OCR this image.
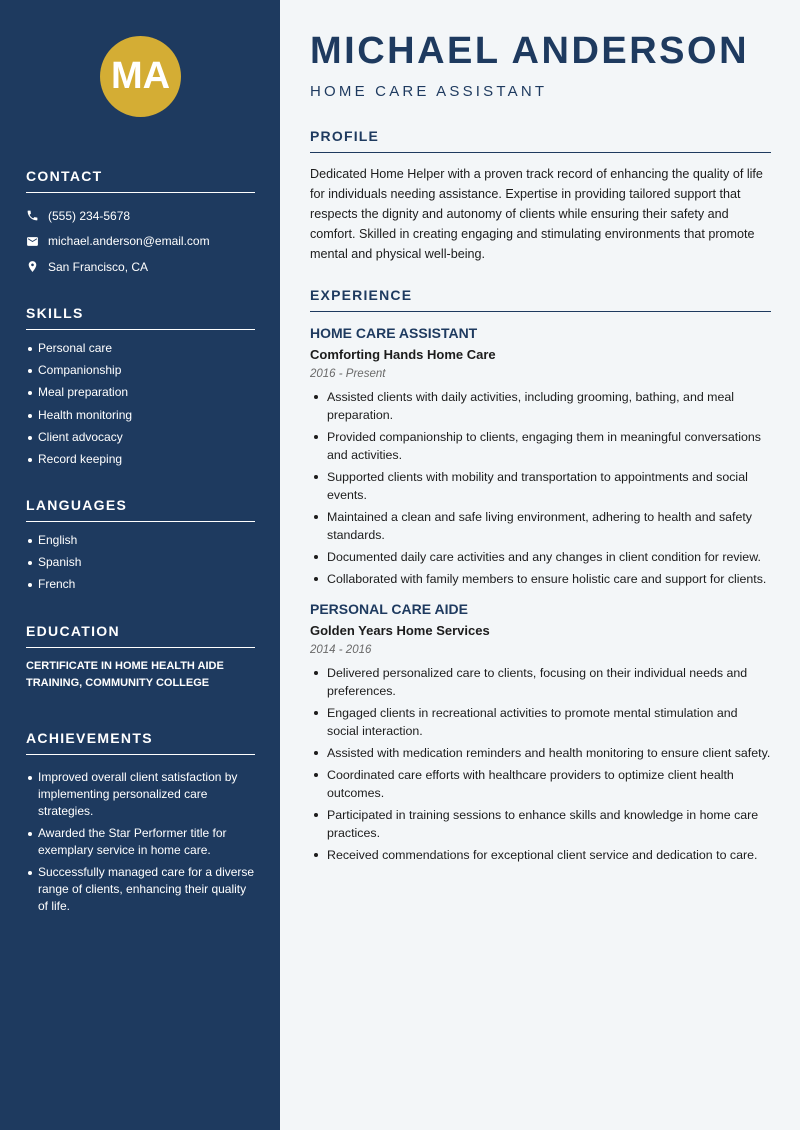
MA
CONTACT
(555) 234-5678
michael.anderson@email.com
San Francisco, CA
SKILLS
Personal care
Companionship
Meal preparation
Health monitoring
Client advocacy
Record keeping
LANGUAGES
English
Spanish
French
EDUCATION
CERTIFICATE IN HOME HEALTH AIDE TRAINING, COMMUNITY COLLEGE
ACHIEVEMENTS
Improved overall client satisfaction by implementing personalized care strategies.
Awarded the Star Performer title for exemplary service in home care.
Successfully managed care for a diverse range of clients, enhancing their quality of life.
MICHAEL ANDERSON
HOME CARE ASSISTANT
PROFILE

Dedicated Home Helper with a proven track record of enhancing the quality of life for individuals needing assistance. Expertise in providing tailored support that respects the dignity and autonomy of clients while ensuring their safety and comfort. Skilled in creating engaging and stimulating environments that promote mental and physical well-being.

EXPERIENCE
HOME CARE ASSISTANT
Comforting Hands Home Care
2016 - Present
Assisted clients with daily activities, including grooming, bathing, and meal preparation.
Provided companionship to clients, engaging them in meaningful conversations and activities.
Supported clients with mobility and transportation to appointments and social events.
Maintained a clean and safe living environment, adhering to health and safety standards.
Documented daily care activities and any changes in client condition for review.
Collaborated with family members to ensure holistic care and support for clients.
PERSONAL CARE AIDE
Golden Years Home Services
2014 - 2016
Delivered personalized care to clients, focusing on their individual needs and preferences.
Engaged clients in recreational activities to promote mental stimulation and social interaction.
Assisted with medication reminders and health monitoring to ensure client safety.
Coordinated care efforts with healthcare providers to optimize client health outcomes.
Participated in training sessions to enhance skills and knowledge in home care practices.
Received commendations for exceptional client service and dedication to care.
